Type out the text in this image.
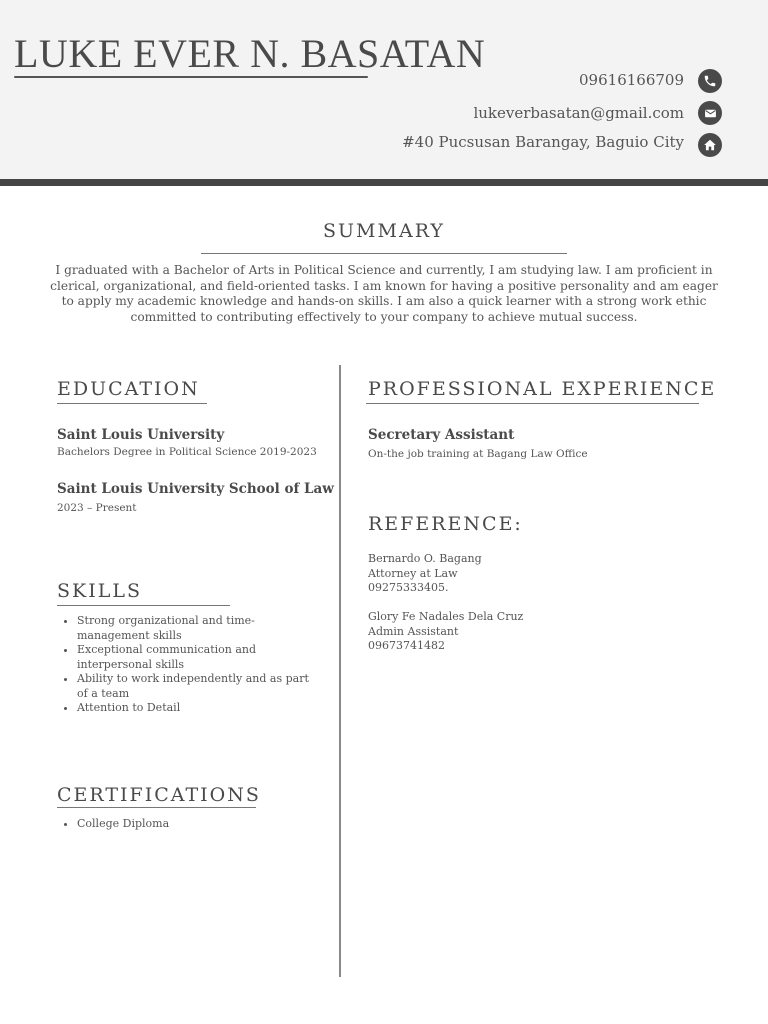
LUKE EVER N. BASATAN
09616166709
lukeverbasatan@gmail.com
#40 Pucsusan Barangay, Baguio City
SUMMARY

I graduated with a Bachelor of Arts in Political Science and currently, I am studying law. I am proficient in clerical, organizational, and field-oriented tasks. I am known for having a positive personality and am eager to apply my academic knowledge and hands-on skills. I am also a quick learner with a strong work ethic committed to contributing effectively to your company to achieve mutual success.

EDUCATION
Saint Louis University
Bachelors Degree in Political Science 2019-2023
Saint Louis University School of Law
2023 – Present
SKILLS
• Strong organizational and time-management skills
• Exceptional communication and interpersonal skills
• Ability to work independently and as part of a team
• Attention to Detail
CERTIFICATIONS
• College Diploma
PROFESSIONAL EXPERIENCE
Secretary Assistant
On-the job training at Bagang Law Office
REFERENCE:
Bernardo O. Bagang
Attorney at Law
09275333405.
Glory Fe Nadales Dela Cruz
Admin Assistant
09673741482
